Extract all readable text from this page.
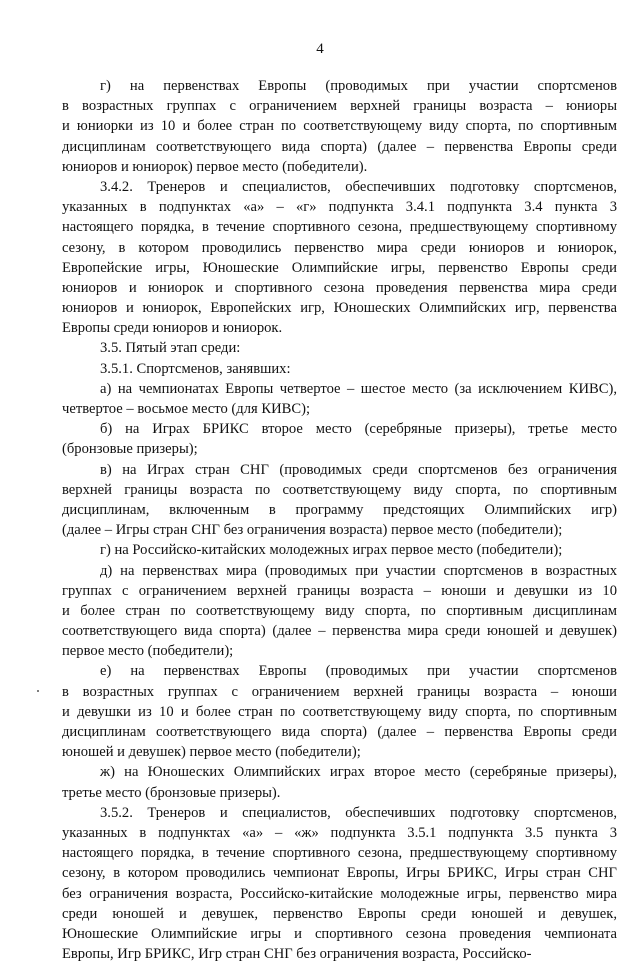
4
г) на первенствах Европы (проводимых при участии спортсменов
в возрастных группах с ограничением верхней границы возраста – юниоры
и юниорки из 10 и более стран по соответствующему виду спорта, по спортивным
дисциплинам соответствующего вида спорта) (далее – первенства Европы среди
юниоров и юниорок) первое место (победители).
3.4.2. Тренеров и специалистов, обеспечивших подготовку спортсменов,
указанных в подпунктах «а» – «г» подпункта 3.4.1 подпункта 3.4 пункта 3
настоящего порядка, в течение спортивного сезона, предшествующему спортивному
сезону, в котором проводились первенство мира среди юниоров и юниорок,
Европейские игры, Юношеские Олимпийские игры, первенство Европы среди
юниоров и юниорок и спортивного сезона проведения первенства мира среди
юниоров и юниорок, Европейских игр, Юношеских Олимпийских игр, первенства
Европы среди юниоров и юниорок.
3.5. Пятый этап среди:
3.5.1. Спортсменов, занявших:
а) на чемпионатах Европы четвертое – шестое место (за исключением КИВС),
четвертое – восьмое место (для КИВС);
б) на Играх БРИКС второе место (серебряные призеры), третье место
(бронзовые призеры);
в) на Играх стран СНГ (проводимых среди спортсменов без ограничения
верхней границы возраста по соответствующему виду спорта, по спортивным
дисциплинам, включенным в программу предстоящих Олимпийских игр)
(далее – Игры стран СНГ без ограничения возраста) первое место (победители);
г) на Российско-китайских молодежных играх первое место (победители);
д) на первенствах мира (проводимых при участии спортсменов в возрастных
группах с ограничением верхней границы возраста – юноши и девушки из 10
и более стран по соответствующему виду спорта, по спортивным дисциплинам
соответствующего вида спорта) (далее – первенства мира среди юношей и девушек)
первое место (победители);
е) на первенствах Европы (проводимых при участии спортсменов
в возрастных группах с ограничением верхней границы возраста – юноши
и девушки из 10 и более стран по соответствующему виду спорта, по спортивным
дисциплинам соответствующего вида спорта) (далее – первенства Европы среди
юношей и девушек) первое место (победители);
ж) на Юношеских Олимпийских играх второе место (серебряные призеры),
третье место (бронзовые призеры).
3.5.2. Тренеров и специалистов, обеспечивших подготовку спортсменов,
указанных в подпунктах «а» – «ж» подпункта 3.5.1 подпункта 3.5 пункта 3
настоящего порядка, в течение спортивного сезона, предшествующему спортивному
сезону, в котором проводились чемпионат Европы, Игры БРИКС, Игры стран СНГ
без ограничения возраста, Российско-китайские молодежные игры, первенство мира
среди юношей и девушек, первенство Европы среди юношей и девушек,
Юношеские Олимпийские игры и спортивного сезона проведения чемпионата
Европы, Игр БРИКС, Игр стран СНГ без ограничения возраста, Российско-
